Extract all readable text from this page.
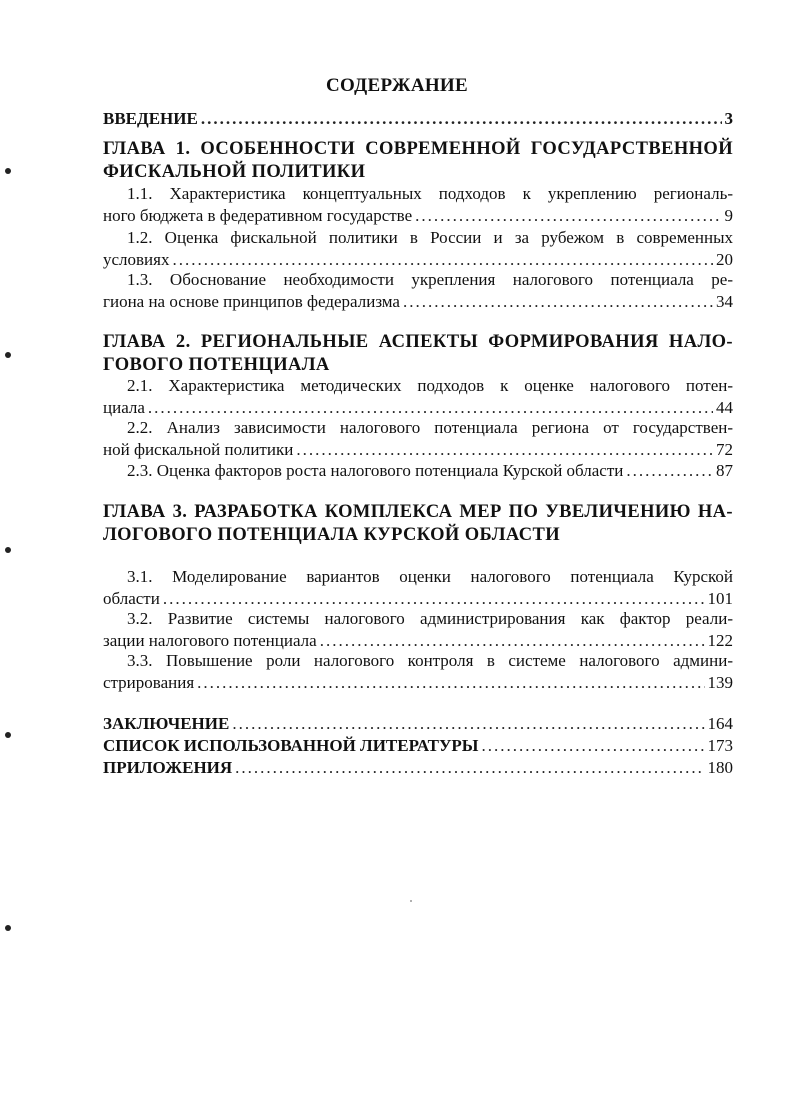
СОДЕРЖАНИЕ
ВВЕДЕНИЕ .....	3
ГЛАВА 1. ОСОБЕННОСТИ СОВРЕМЕННОЙ ГОСУДАРСТВЕННОЙ
ФИСКАЛЬНОЙ ПОЛИТИКИ
1.1. Характеристика концептуальных подходов к укреплению региональ-
ного бюджета в федеративном государстве .....	9
1.2. Оценка фискальной политики в России и за рубежом в современных
условиях .....	20
1.3. Обоснование необходимости укрепления налогового потенциала ре-
гиона на основе принципов федерализма .....	34
ГЛАВА 2. РЕГИОНАЛЬНЫЕ АСПЕКТЫ ФОРМИРОВАНИЯ НАЛО-
ГОВОГО ПОТЕНЦИАЛА
2.1. Характеристика методических подходов к оценке налогового потен-
циала .....	44
2.2. Анализ зависимости налогового потенциала региона от государствен-
ной фискальной политики .....	72
2.3. Оценка факторов роста налогового потенциала Курской области .....	87
ГЛАВА 3. РАЗРАБОТКА КОМПЛЕКСА МЕР ПО УВЕЛИЧЕНИЮ НА-
ЛОГОВОГО ПОТЕНЦИАЛА КУРСКОЙ ОБЛАСТИ
3.1. Моделирование вариантов оценки налогового потенциала Курской
области .....	101
3.2. Развитие системы налогового администрирования как фактор реали-
зации налогового потенциала .....	122
3.3. Повышение роли налогового контроля в системе налогового админи-
стрирования .....	139
ЗАКЛЮЧЕНИЕ .....	164
СПИСОК ИСПОЛЬЗОВАННОЙ ЛИТЕРАТУРЫ .....	173
ПРИЛОЖЕНИЯ .....	180
